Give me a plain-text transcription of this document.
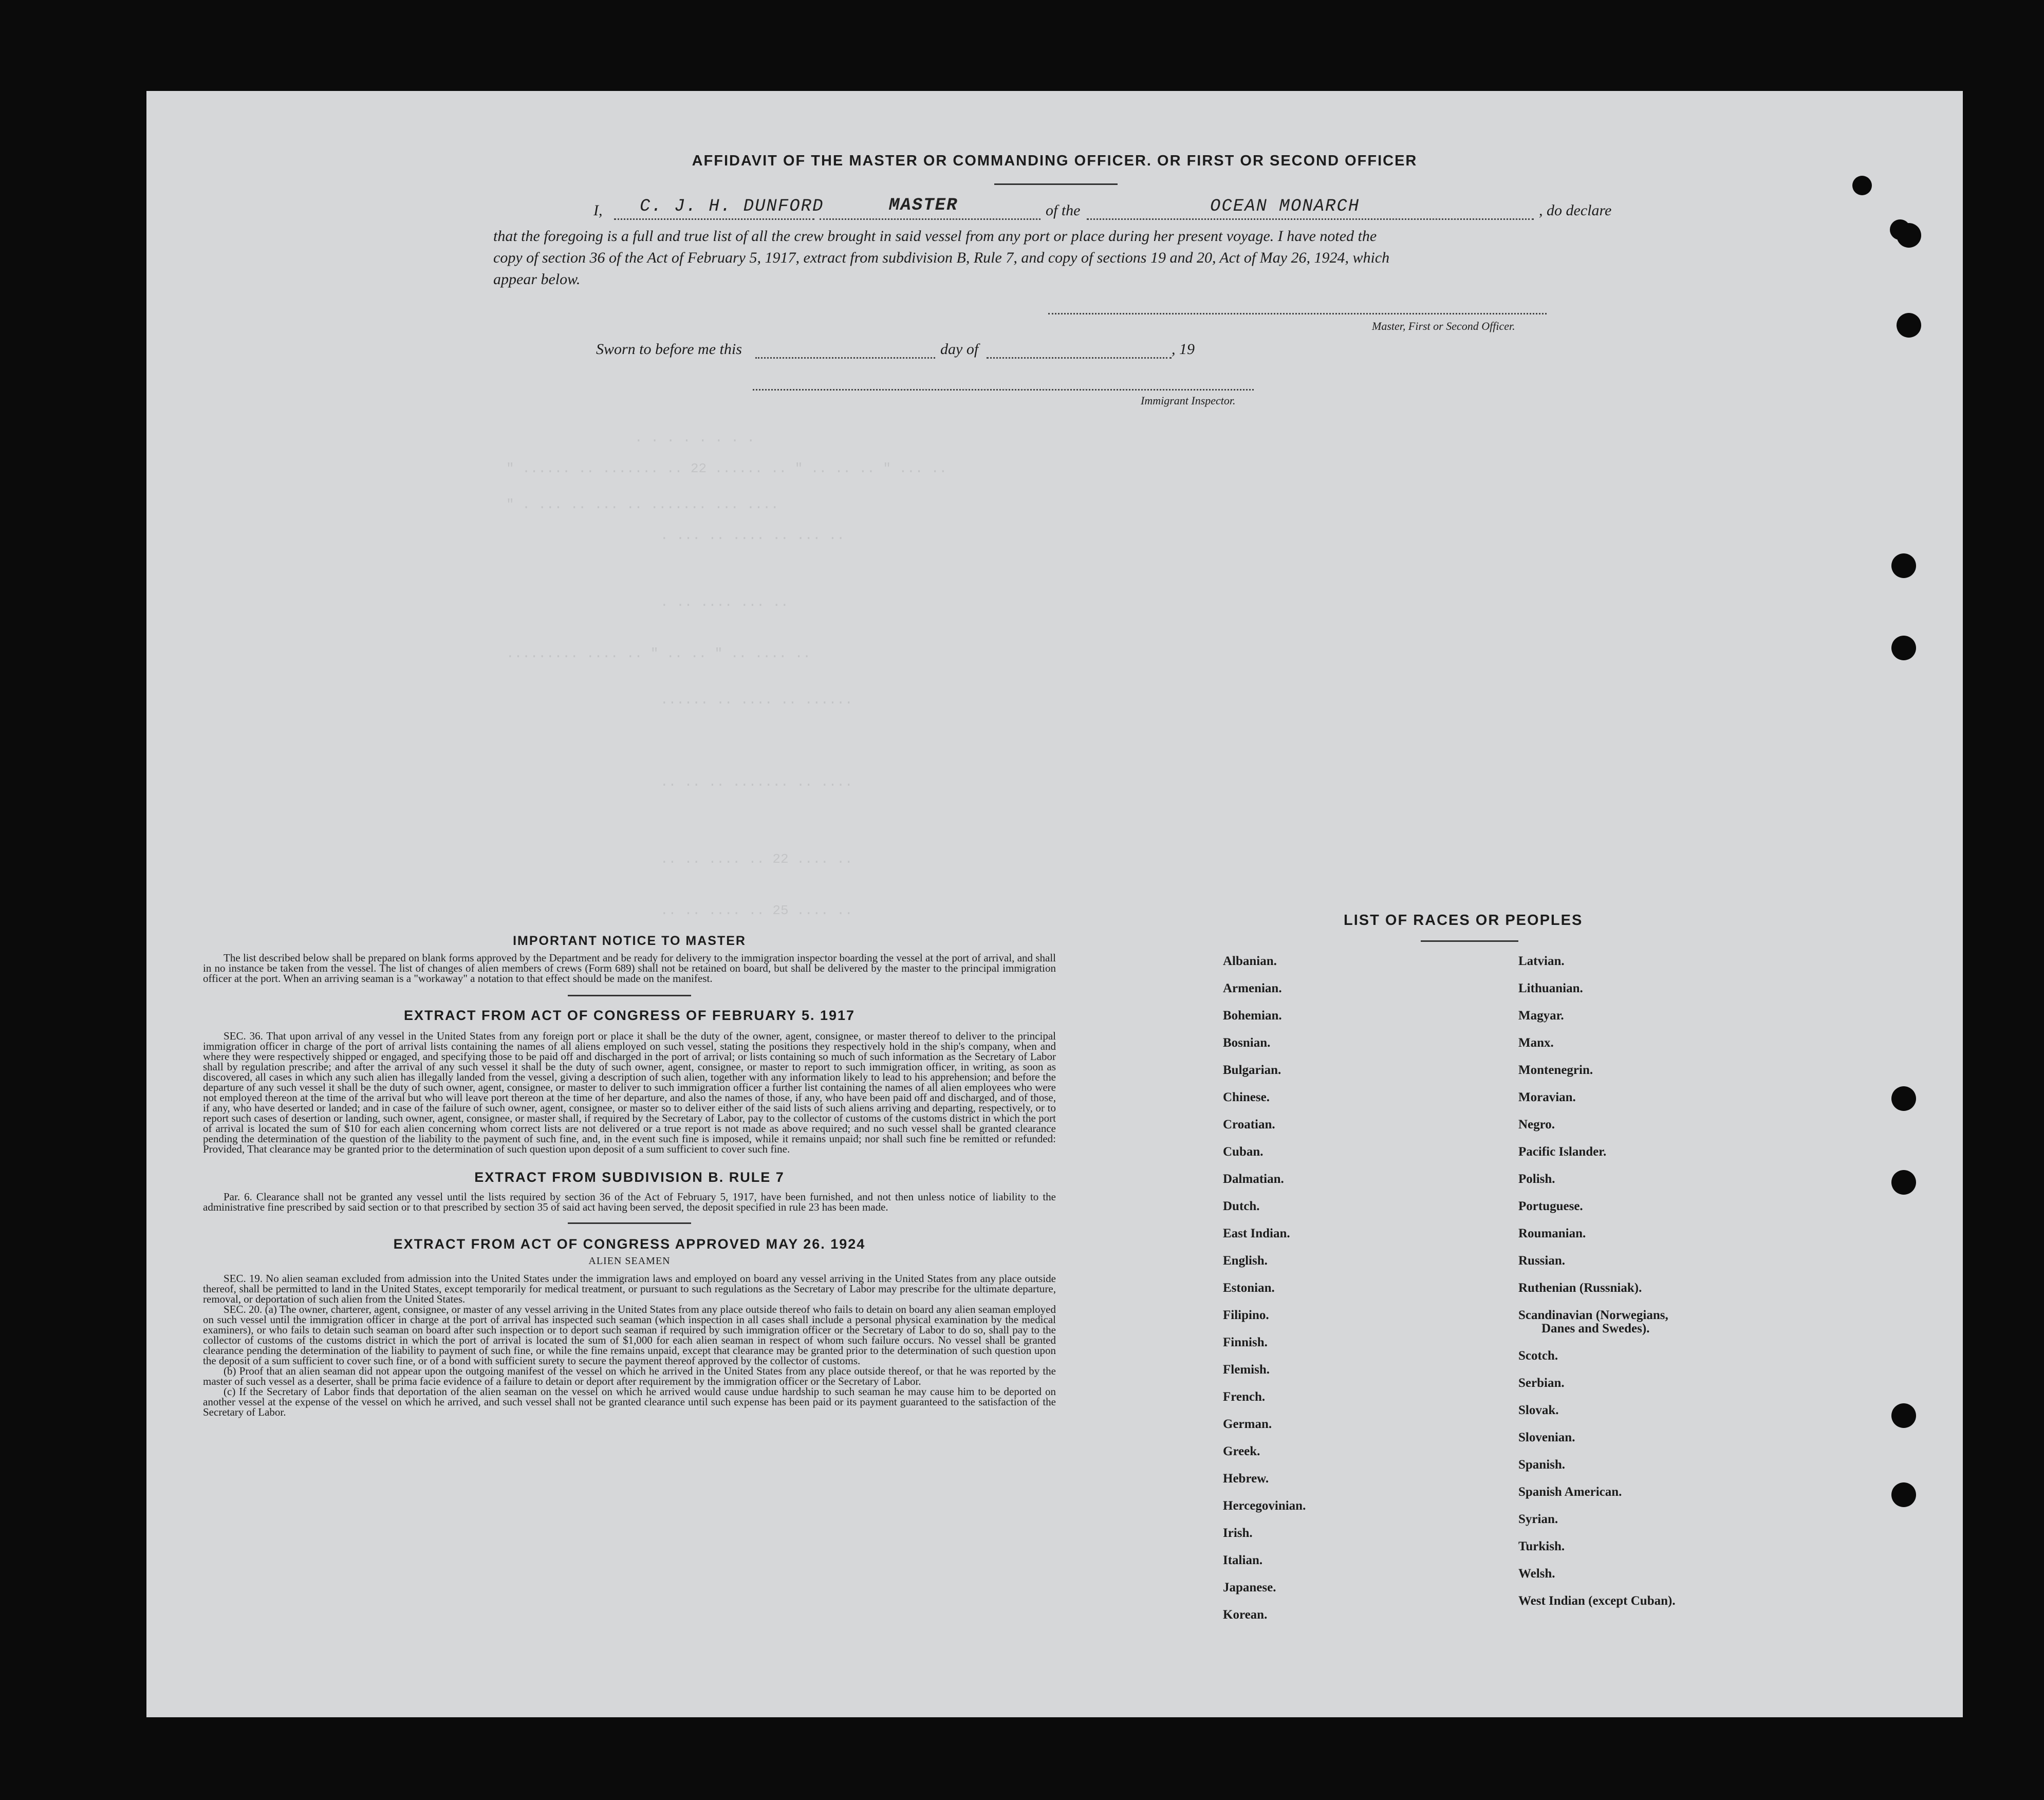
. . . . . . . .
" ...... .. ....... .. 22 ...... .. " .. .. .. " ... ..
" . ... .. ... .. ....... ... ....
. ... .. .... .. ... ..
. .. .... ... ..
......... .... .. " .. .. " .. .... ..
...... .. .... .. ......
.. .. .. ....... .. ....
.. .. .... .. 22 .... ..
.. .. .... .. 25 .... ..
AFFIDAVIT OF THE MASTER OR COMMANDING OFFICER. OR FIRST OR SECOND OFFICER
I, C. J. H. DUNFORD	MASTER	of the	OCEAN MONARCH	, do declare
that the foregoing is a full and true list of all the crew brought in said vessel from any port or place during her present voyage. I have noted the
copy of section 36 of the Act of February 5, 1917, extract from subdivision B, Rule 7, and copy of sections 19 and 20, Act of May 26, 1924, which
appear below.
Master, First or Second Officer.
Sworn to before me this	day of	, 19
Immigrant Inspector.
IMPORTANT NOTICE TO MASTER

The list described below shall be prepared on blank forms approved by the Department and be ready for delivery to the immigration inspector boarding the vessel at the port of arrival, and shall in no instance be taken from the vessel. The list of changes of alien members of crews (Form 689) shall not be retained on board, but shall be delivered by the master to the principal immigration officer at the port. When an arriving seaman is a "workaway" a notation to that effect should be made on the manifest.

EXTRACT FROM ACT OF CONGRESS OF FEBRUARY 5. 1917

SEC. 36. That upon arrival of any vessel in the United States from any foreign port or place it shall be the duty of the owner, agent, consignee, or master thereof to deliver to the principal immigration officer in charge of the port of arrival lists containing the names of all aliens employed on such vessel, stating the positions they respectively hold in the ship's company, when and where they were respectively shipped or engaged, and specifying those to be paid off and discharged in the port of arrival; or lists containing so much of such information as the Secretary of Labor shall by regulation prescribe; and after the arrival of any such vessel it shall be the duty of such owner, agent, consignee, or master to report to such immigration officer, in writing, as soon as discovered, all cases in which any such alien has illegally landed from the vessel, giving a description of such alien, together with any information likely to lead to his apprehension; and before the departure of any such vessel it shall be the duty of such owner, agent, consignee, or master to deliver to such immigration officer a further list containing the names of all alien employees who were not employed thereon at the time of the arrival but who will leave port thereon at the time of her departure, and also the names of those, if any, who have been paid off and discharged, and of those, if any, who have deserted or landed; and in case of the failure of such owner, agent, consignee, or master so to deliver either of the said lists of such aliens arriving and departing, respectively, or to report such cases of desertion or landing, such owner, agent, consignee, or master shall, if required by the Secretary of Labor, pay to the collector of customs of the customs district in which the port of arrival is located the sum of $10 for each alien concerning whom correct lists are not delivered or a true report is not made as above required; and no such vessel shall be granted clearance pending the determination of the question of the liability to the payment of such fine, and, in the event such fine is imposed, while it remains unpaid; nor shall such fine be remitted or refunded: Provided, That clearance may be granted prior to the determination of such question upon deposit of a sum sufficient to cover such fine.

EXTRACT FROM SUBDIVISION B. RULE 7

Par. 6. Clearance shall not be granted any vessel until the lists required by section 36 of the Act of February 5, 1917, have been furnished, and not then unless notice of liability to the administrative fine prescribed by said section or to that prescribed by section 35 of said act having been served, the deposit specified in rule 23 has been made.

EXTRACT FROM ACT OF CONGRESS APPROVED MAY 26. 1924
ALIEN SEAMEN

SEC. 19. No alien seaman excluded from admission into the United States under the immigration laws and employed on board any vessel arriving in the United States from any place outside thereof, shall be permitted to land in the United States, except temporarily for medical treatment, or pursuant to such regulations as the Secretary of Labor may prescribe for the ultimate departure, removal, or deportation of such alien from the United States.

SEC. 20. (a) The owner, charterer, agent, consignee, or master of any vessel arriving in the United States from any place outside thereof who fails to detain on board any alien seaman employed on such vessel until the immigration officer in charge at the port of arrival has inspected such seaman (which inspection in all cases shall include a personal physical examination by the medical examiners), or who fails to detain such seaman on board after such inspection or to deport such seaman if required by such immigration officer or the Secretary of Labor to do so, shall pay to the collector of customs of the customs district in which the port of arrival is located the sum of $1,000 for each alien seaman in respect of whom such failure occurs. No vessel shall be granted clearance pending the determination of the liability to payment of such fine, or while the fine remains unpaid, except that clearance may be granted prior to the determination of such question upon the deposit of a sum sufficient to cover such fine, or of a bond with sufficient surety to secure the payment thereof approved by the collector of customs.

(b) Proof that an alien seaman did not appear upon the outgoing manifest of the vessel on which he arrived in the United States from any place outside thereof, or that he was reported by the master of such vessel as a deserter, shall be prima facie evidence of a failure to detain or deport after requirement by the immigration officer or the Secretary of Labor.

(c) If the Secretary of Labor finds that deportation of the alien seaman on the vessel on which he arrived would cause undue hardship to such seaman he may cause him to be deported on another vessel at the expense of the vessel on which he arrived, and such vessel shall not be granted clearance until such expense has been paid or its payment guaranteed to the satisfaction of the Secretary of Labor.

LIST OF RACES OR PEOPLES
Albanian.
Armenian.
Bohemian.
Bosnian.
Bulgarian.
Chinese.
Croatian.
Cuban.
Dalmatian.
Dutch.
East Indian.
English.
Estonian.
Filipino.
Finnish.
Flemish.
French.
German.
Greek.
Hebrew.
Hercegovinian.
Irish.
Italian.
Japanese.
Korean.
Latvian.
Lithuanian.
Magyar.
Manx.
Montenegrin.
Moravian.
Negro.
Pacific Islander.
Polish.
Portuguese.
Roumanian.
Russian.
Ruthenian (Russniak).
Scandinavian (Norwegians,
Danes and Swedes).
Scotch.
Serbian.
Slovak.
Slovenian.
Spanish.
Spanish American.
Syrian.
Turkish.
Welsh.
West Indian (except Cuban).
